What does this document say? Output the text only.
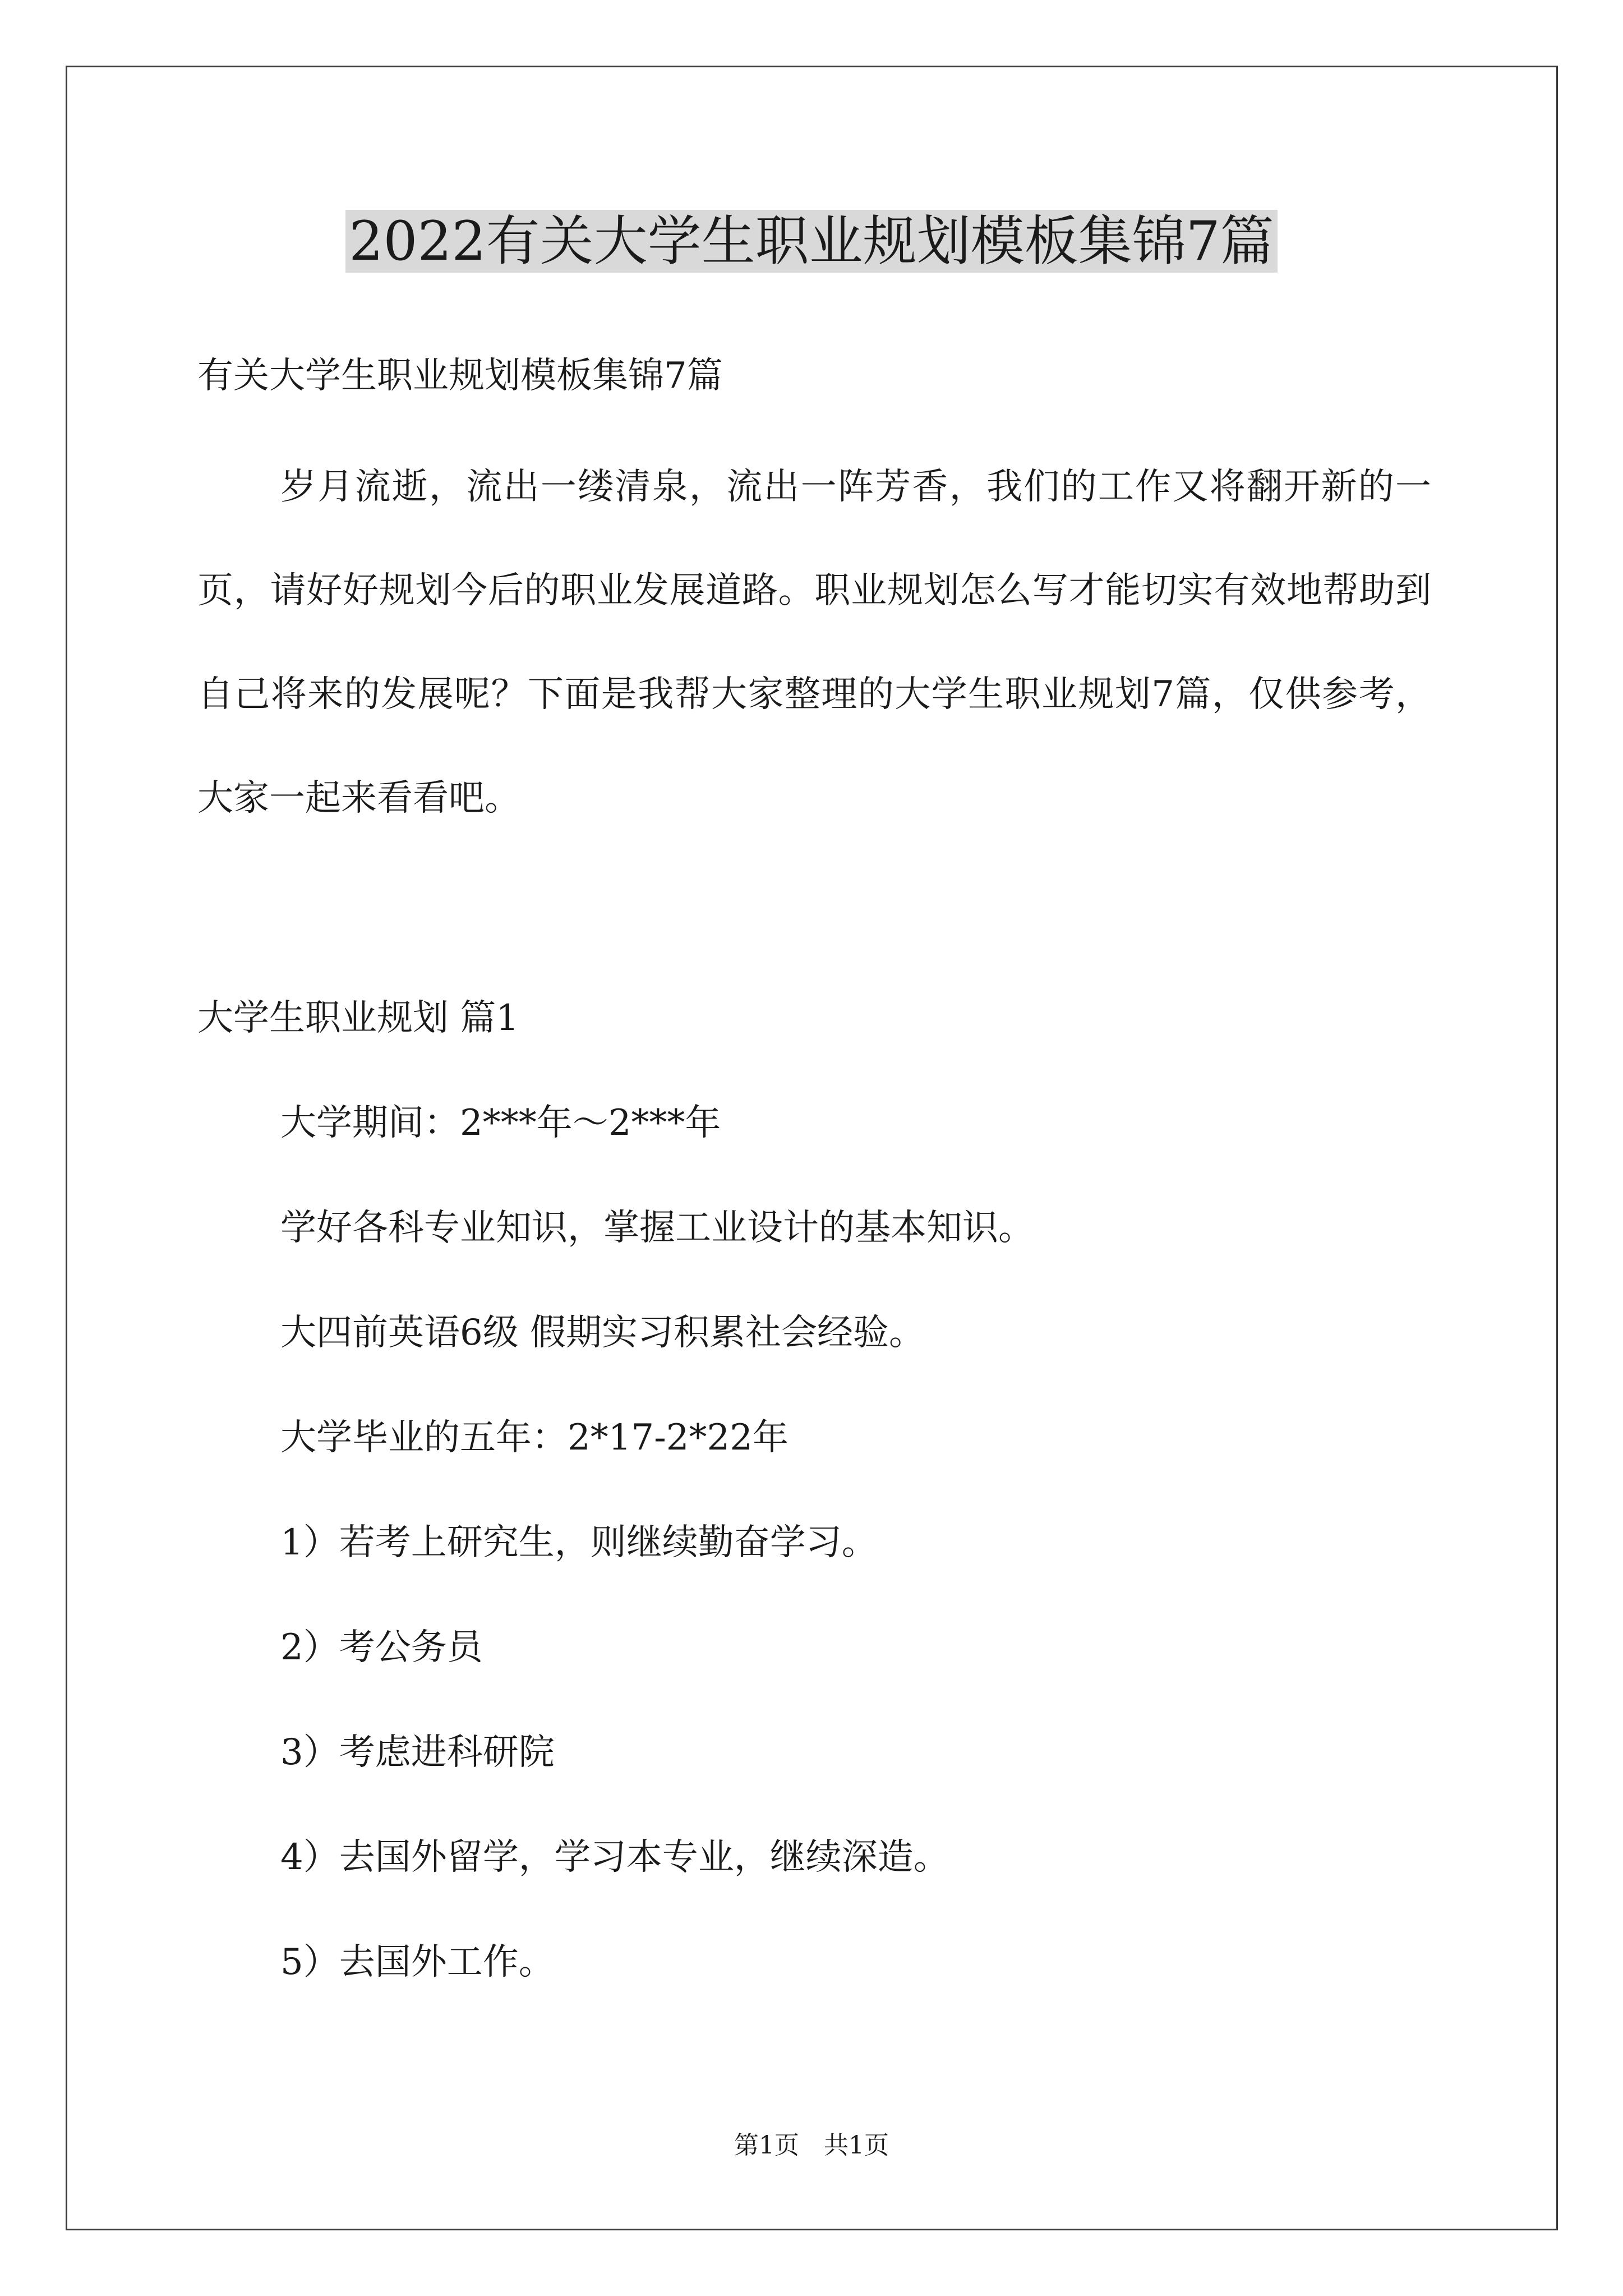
2022有关大学生职业规划模板集锦7篇

有关大学生职业规划模板集锦7篇

岁月流逝，流出一缕清泉，流出一阵芳香，我们的工作又将翻开新的一页，请好好规划今后的职业发展道路。职业规划怎么写才能切实有效地帮助到自己将来的发展呢？下面是我帮大家整理的大学生职业规划7篇，仅供参考，大家一起来看看吧。

大学生职业规划 篇1

大学期间：2***年～2***年

学好各科专业知识，掌握工业设计的基本知识。

大四前英语6级 假期实习积累社会经验。

大学毕业的五年：2*17-2*22年

1）若考上研究生，则继续勤奋学习。

2）考公务员

3）考虑进科研院

4）去国外留学，学习本专业，继续深造。

5）去国外工作。

第1页　共1页
